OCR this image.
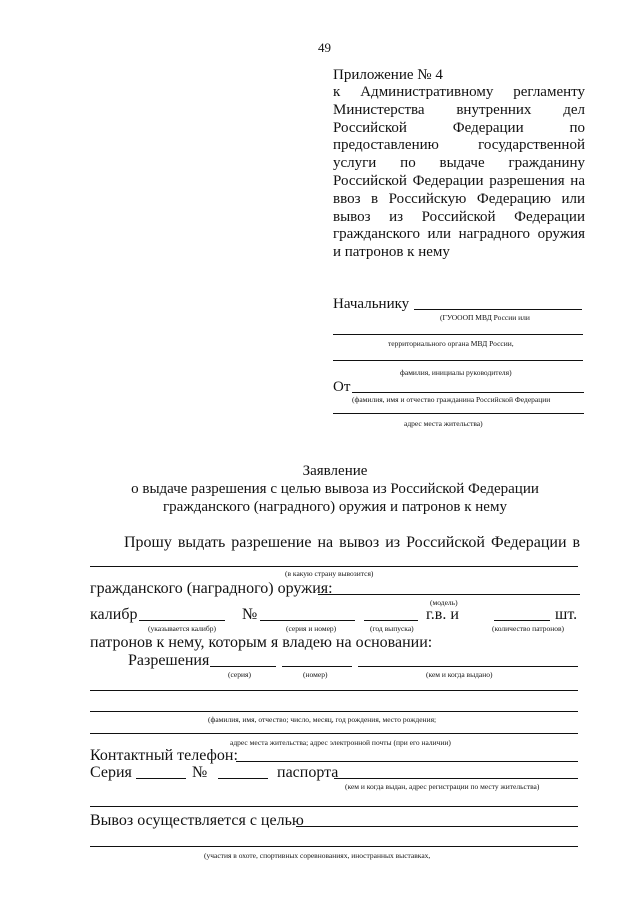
49
Приложение № 4
к Административному регламенту Министерства внутренних дел Российской Федерации по предоставлению государственной услуги по выдаче гражданину Российской Федерации разрешения на ввоз в Российскую Федерацию или вывоз из Российской Федерации гражданского или наградного оружия и патронов к нему
Начальнику
(ГУОООП МВД России или
территориального органа МВД России,
фамилия, инициалы руководителя)
От
(фамилия, имя и отчество гражданина Российской Федерации
адрес места жительства)
Заявление
о выдаче разрешения с целью вывоза из Российской Федерации
гражданского (наградного) оружия и патронов к нему
Прошу выдать разрешение на вывоз из Российской Федерации в
(в какую страну вывозится)
гражданского (наградного) оружия:
(модель)
калибр	№	г.в. и	шт.
(указывается калибр)	(серия и номер)	(год выпуска)	(количество патронов)
патронов к нему, которым я владею на основании:
Разрешения
(серия)	(номер)	(кем и когда выдано)
(фамилия, имя, отчество; число, месяц, год рождения, место рождения;
адрес места жительства; адрес электронной почты (при его наличии)
Контактный телефон:
Серия	№	паспорта
(кем и когда выдан, адрес регистрации по месту жительства)
Вывоз осуществляется с целью
(участия в охоте, спортивных соревнованиях, иностранных выставках,
